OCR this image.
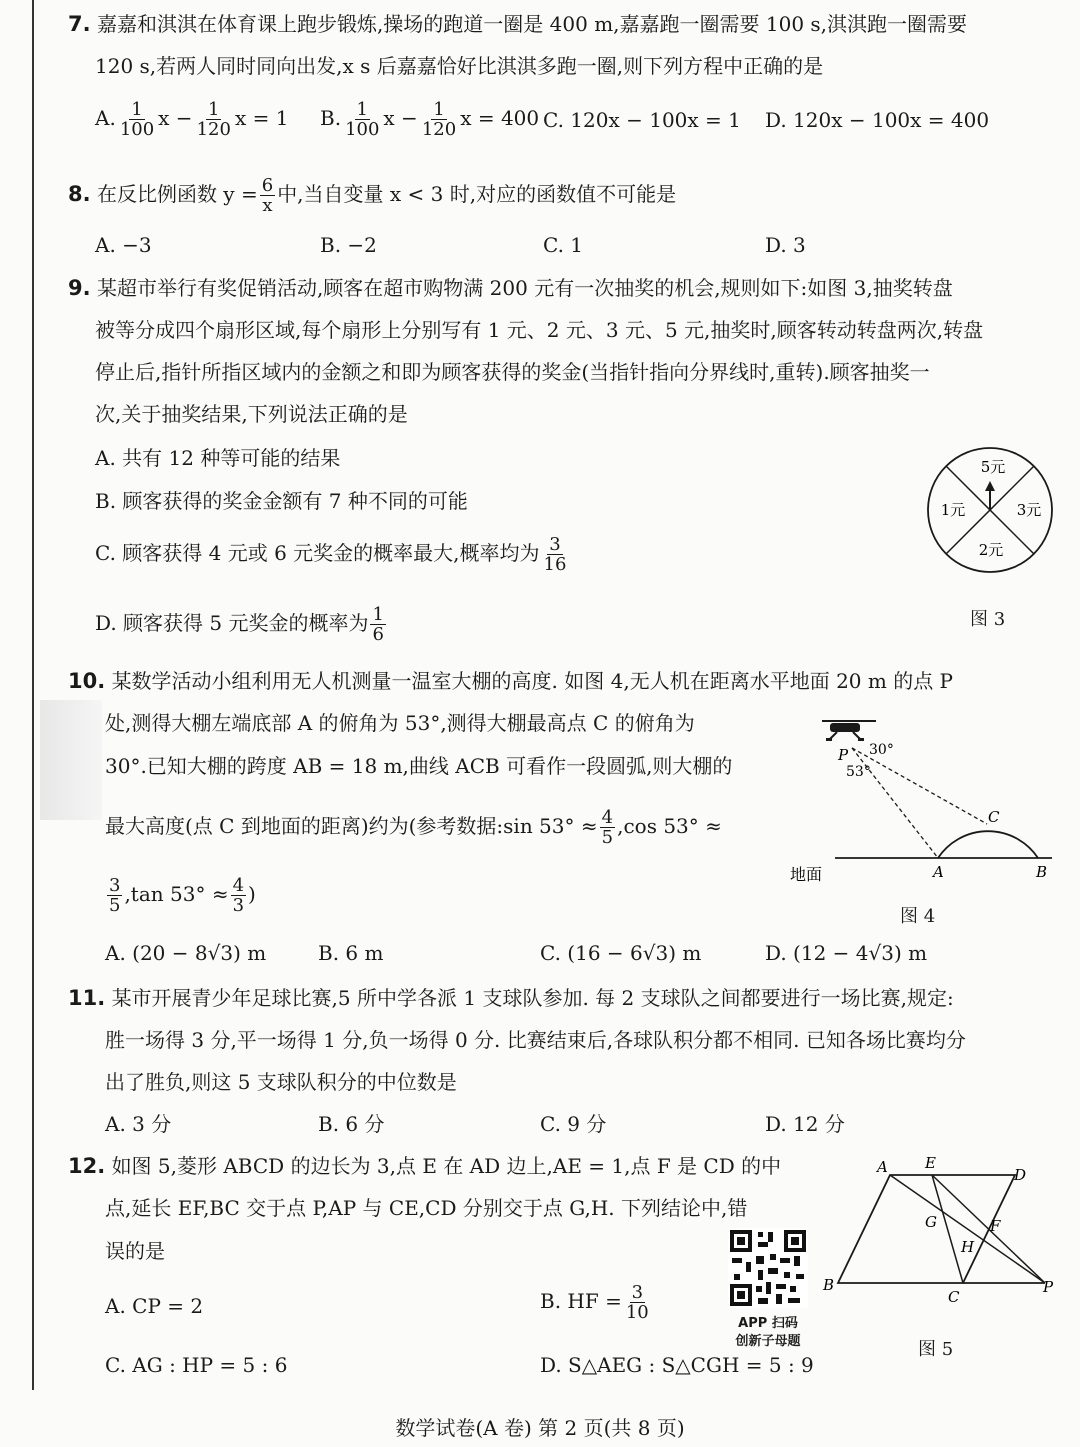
7. 嘉嘉和淇淇在体育课上跑步锻炼,操场的跑道一圈是 400 m,嘉嘉跑一圈需要 100 s,淇淇跑一圈需要
120 s,若两人同时同向出发,x s 后嘉嘉恰好比淇淇多跑一圈,则下列方程中正确的是
A. $\frac{1}{100}$ $x - \frac{1}{120}$ x = 1 B. $\frac{1}{100}$ $x - \frac{1}{120}$ x = 400 C. 120x − 100x = 1 D. 120x − 100x = 400
8. 在反比例函数 $y = \frac{6}{x}$ 中,当自变量 x < 3 时,对应的函数值不可能是
A. −3	B. −2	C. 1	D. 3
9. 某超市举行有奖促销活动,顾客在超市购物满 200 元有一次抽奖的机会,规则如下:如图 3,抽奖转盘
被等分成四个扇形区域,每个扇形上分别写有 1 元、2 元、3 元、5 元,抽奖时,顾客转动转盘两次,转盘
停止后,指针所指区域内的金额之和即为顾客获得的奖金(当指针指向分界线时,重转).顾客抽奖一
次,关于抽奖结果,下列说法正确的是
A. 共有 12 种等可能的结果
B. 顾客获得的奖金金额有 7 种不同的可能
C. 顾客获得 4 元或 6 元奖金的概率最大,概率均为 $\frac{3}{16}$
D. 顾客获得 5 元奖金的概率为 $\frac{1}{6}$
5元
1元	3元
2元
图 3
10. 某数学活动小组利用无人机测量一温室大棚的高度. 如图 4,无人机在距离水平地面 20 m 的点 P
处,测得大棚左端底部 A 的俯角为 53°,测得大棚最高点 C 的俯角为
30°.已知大棚的跨度 AB = 18 m,曲线 ACB 可看作一段圆弧,则大棚的
最大高度(点 C 到地面的距离)约为(参考数据:sin $53^\circ \approx \frac{4}{5} ,\cos$ 53° ≈
$\frac{3}{5} ,\tan$ $53^\circ \approx \frac{4}{3}$ )
A. (20 − 8√3) m	B. 6 m	C. (16 − 6√3) m	D. (12 − 4√3) m
P 30°
53°
C
A	B
地面
图 4
11. 某市开展青少年足球比赛,5 所中学各派 1 支球队参加. 每 2 支球队之间都要进行一场比赛,规定:
胜一场得 3 分,平一场得 1 分,负一场得 0 分. 比赛结束后,各球队积分都不相同. 已知各场比赛均分
出了胜负,则这 5 支球队积分的中位数是
A. 3 分	B. 6 分	C. 9 分	D. 12 分
12. 如图 5,菱形 ABCD 的边长为 3,点 E 在 AD 边上,AE = 1,点 F 是 CD 的中
点,延长 EF,BC 交于点 P,AP 与 CE,CD 分别交于点 G,H. 下列结论中,错
误的是
A. CP = 2	B. HF = $\frac{3}{10}$
C. AG : HP = 5 : 6	D. S△AEG : S△CGH = 5 : 9
APP 扫码
创新子母题
A E
D
G	F
H
B
C
P
图 5
数学试卷(A 卷) 第 2 页(共 8 页)
